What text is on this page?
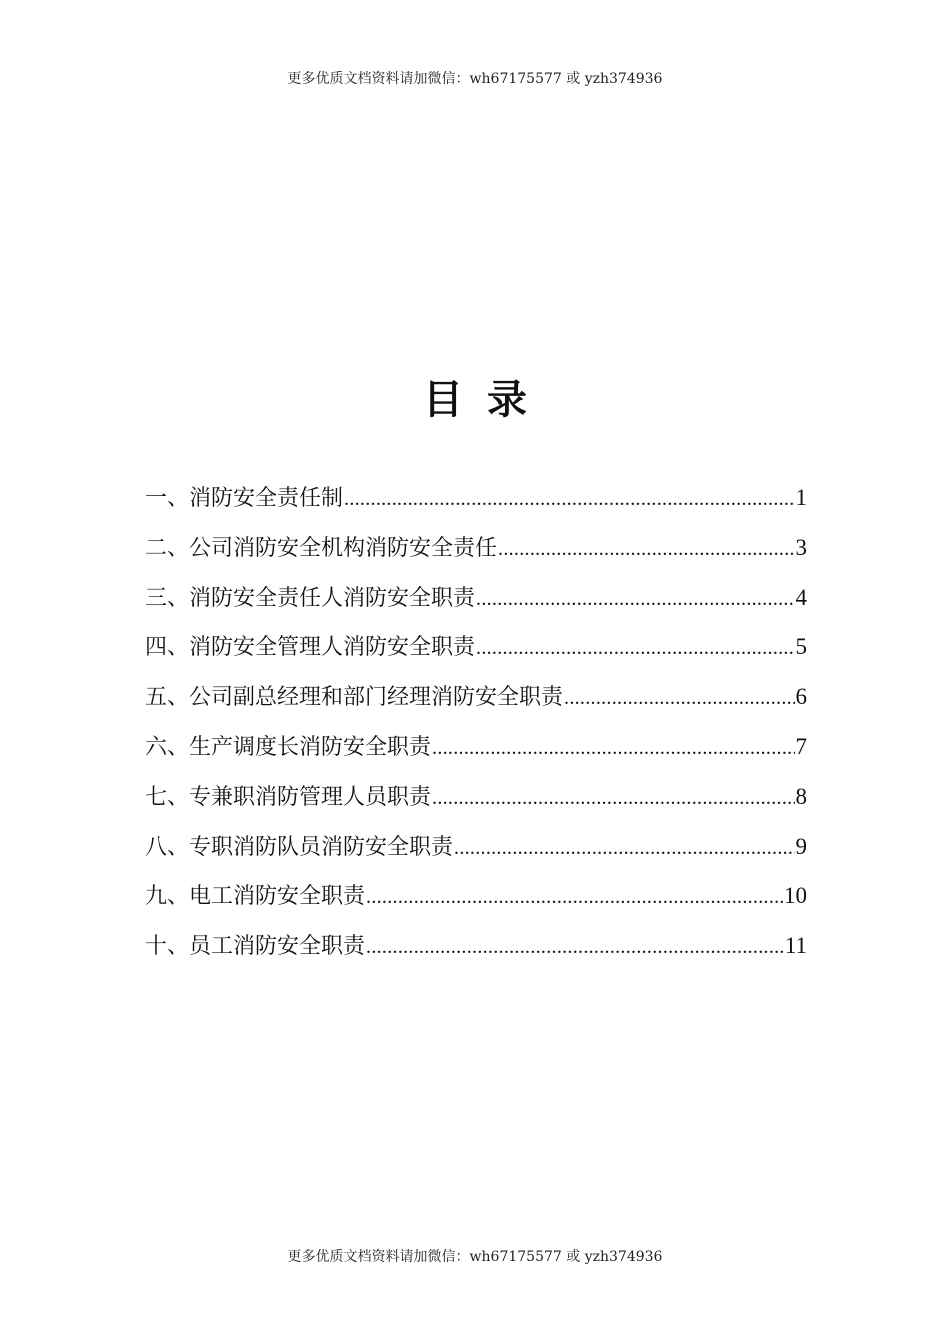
更多优质文档资料请加微信：wh67175577 或 yzh374936
目录
一、消防安全责任制 .....	1
二、公司消防安全机构消防安全责任 .....	3
三、消防安全责任人消防安全职责 .....	4
四、消防安全管理人消防安全职责 .....	5
五、公司副总经理和部门经理消防安全职责 .....	6
六、生产调度长消防安全职责 .....	7
七、专兼职消防管理人员职责 .....	8
八、专职消防队员消防安全职责 .....	9
九、电工消防安全职责 .....	10
十、员工消防安全职责 .....	11
更多优质文档资料请加微信：wh67175577 或 yzh374936
